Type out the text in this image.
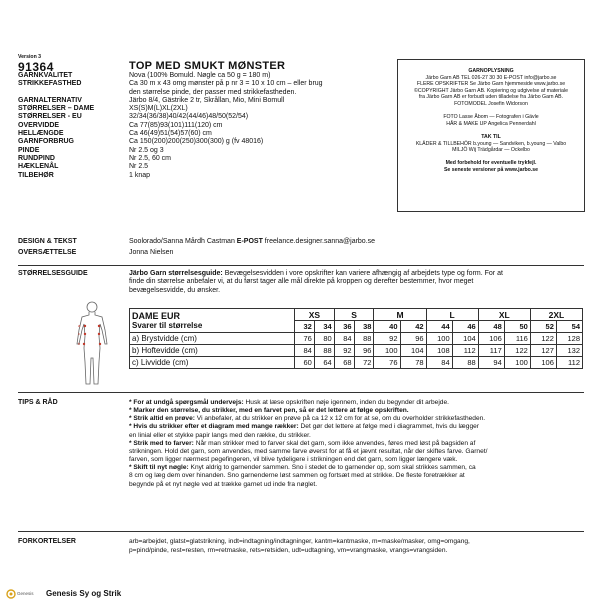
Version 3
91364	TOP MED SMUKT MØNSTER
GARNKVALITET	Nova (100% Bomuld. Nøgle ca 50 g = 180 m)
STRIKKEFASTHED	Ca 30 m x 43 omg mønster på p nr 3 = 10 x 10 cm – eller brug
den størrelse pinde, der passer med strikkefastheden.
GARNALTERNATIV	Järbo 8/4, Gästrike 2 tr, Skrållan, Mio, Mini Bomull
STØRRELSER – DAME	XS(S)M(L)XL(2XL)
STØRRELSER - EU	32/34(36/38)40/42(44/46)48/50(52/54)
OVERVIDDE	Ca 77(85)93(101)111(120) cm
HELLÆNGDE	Ca 46(49)51(54)57(60) cm
GARNFORBRUG	Ca 150(200)200(250)300(300) g (fv 48016)
PINDE	Nr 2.5 og 3
RUNDPIND	Nr 2.5, 60 cm
HÆKLENÅL	Nr 2.5
TILBEHØR	1 knap
DESIGN & TEKST	Soolorado/Sanna Mårdh Castman E-POST freelance.designer.sanna@jarbo.se
OVERSÆTTELSE	Jonna Nielsen
GARNOPLYSNING
Järbo Garn AB TEL 026-27 30 30 E-POST info@jarbo.se
FLERE OPSKRIFTER Se Järbo Garn hjemmeside www.jarbo.se
©COPYRIGHT Järbo Garn AB. Kopiering og udgivelse af materiale
fra Järbo Garn AB er forbudt uden tilladelse fra Järbo Garn AB.
FOTOMODEL Josefin Widorson
FOTO Lasse Åbom — Fotografen i Gävle
HÅR & MAKE UP Angelica Pennerdahl
TAK TIL
KLÄDER & TILLBEHÖR b.young — Sandviken, b.young — Valbo
MILJÖ Wij Trädgårdar — Ockelbo
Med forbehold for eventuelle trykfejl.
Se seneste versioner på www.jarbo.se
STØRRELSESGUIDE	Järbo Garn størrelsesguide: Bevægelsesvidden i vore opskrifter kan variere afhængig af arbejdets type og form. For at
finde din størrelse anbefaler vi, at du først tager alle mål direkte på kroppen og derefter bestemmer, hvor meget
bevægelsesvidde, du ønsker.
a
c
b
DAME EUR
Svarer til størrelse	XS		S		M		L		XL		2XL	
	32	34	36	38	40	42	44	46	48	50	52	54
a) Brystvidde (cm)	76	80	84	88	92	96	100	104	106	116	122	128
b) Hoftevidde (cm)	84	88	92	96	100	104	108	112	117	122	127	132
c) Livvidde (cm)	60	64	68	72	76	78	84	88	94	100	106	112
TIPS & RÅD	* For at undgå spørgsmål undervejs: Husk at læse opskriften nøje igennem, inden du begynder dit arbejde.
* Marker den størrelse, du strikker, med en farvet pen, så er det lettere at følge opskriften.
* Strik altid en prøve: Vi anbefaler, at du strikker en prøve på ca 12 x 12 cm for at se, om du overholder strikkefastheden.
* Hvis du strikker efter et diagram med mange rækker: Det gør det lettere at følge med i diagrammet, hvis du lægger
en linial eller et stykke papir langs med den række, du strikker.
* Strik med to farver: Når man strikker med to farver skal det garn, som ikke anvendes, føres med løst på bagsiden af
strikningen. Hold det garn, som anvendes, med samme farve øverst for at få et jævnt resultat, når der skiftes farve. Garnet/
farven, som ligger nærmest pegefingeren, vil blive tydeligere i strikningen end det garn, som ligger længere væk.
* Skift til nyt nøgle: Knyt aldrig to garnender sammen. Sno i stedet de to garnender op, som skal strikkes sammen, ca
8 cm og læg dem over hinanden. Sno garnenderne løst sammen og fortsæt med at strikke. De fleste foretrækker at
begynde på et nyt nøgle ved at trække garnet ud inde fra nøglet.
FORKORTELSER	arb=arbejdet, glatst=glatstrikning, indt=indtagning/indtagninger, kantm=kantmaske, m=maske/masker, omg=omgang,
p=pind/pinde, rest=resten, rm=retmaske, rets=retsiden, udt=udtagning, vm=vrangmaske, vrangs=vrangsiden.
Genesis Genesis Sy og Strik
